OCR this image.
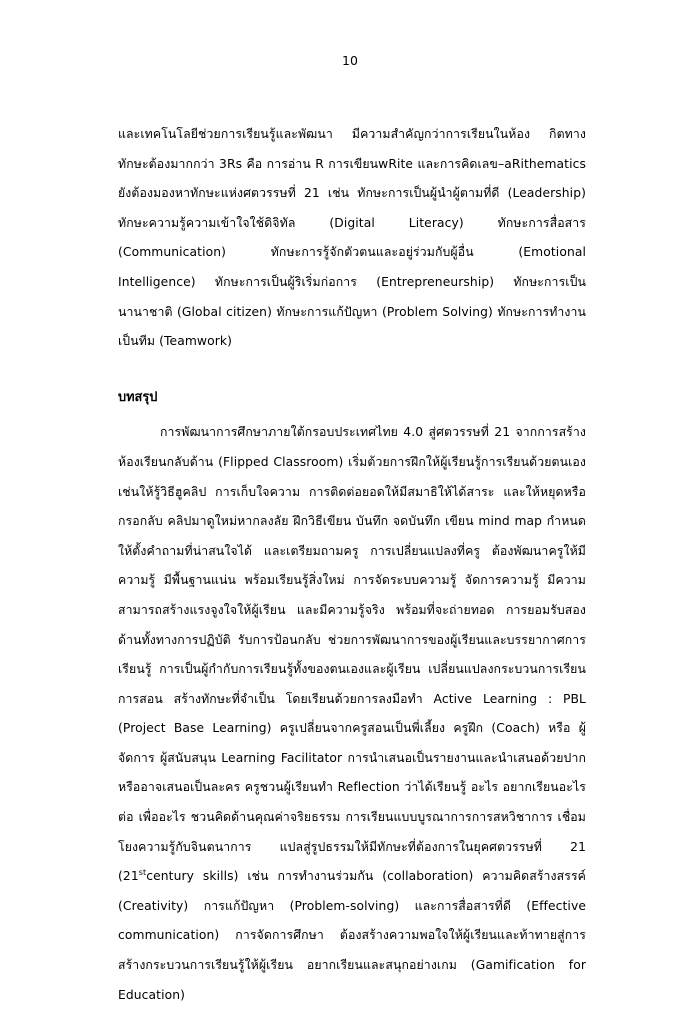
10

และเทคโนโลยีช่วยการเรียนรู้และพัฒนา มีความสำคัญกว่าการเรียนในห้อง กิตทางทักษะต้องมากกว่า 3Rs คือ การอ่าน R การเขียนwRite และการคิดเลข–aRithematics ยังต้องมองหาทักษะแห่งศตวรรษที่ 21 เช่น ทักษะการเป็นผู้นำผู้ตามที่ดี (Leadership) ทักษะความรู้ความเข้าใจใช้ดิจิทัล (Digital Literacy) ทักษะการสื่อสาร (Communication) ทักษะการรู้จักตัวตนและอยู่ร่วมกับผู้อื่น (Emotional Intelligence) ทักษะการเป็นผู้ริเริ่มก่อการ (Entrepreneurship) ทักษะการเป็นนานาชาติ (Global citizen) ทักษะการแก้ปัญหา (Problem Solving) ทักษะการทำงานเป็นทีม (Teamwork)

บทสรุป

การพัฒนาการศึกษาภายใต้กรอบประเทศไทย 4.0 สู่ศตวรรษที่ 21 จากการสร้างห้องเรียนกลับด้าน (Flipped Classroom) เริ่มต้วยการฝึกให้ผู้เรียนรู้การเรียนด้วยตนเองเช่นให้รู้วิธีฮูคลิป การเก็บใจความ การติดต่อยอดให้มีสมาธิให้ได้สาระ และให้หยุดหรือกรอกลับ คลิปมาดูใหม่หากลงลัย ฝึกวิธีเขียน บันทึก จดบันทึก เขียน mind map กำหนดให้ตั้งคำถามที่น่าสนใจได้ และเตรียมถามครู การเปลี่ยนแปลงที่ครู ต้องพัฒนาครูให้มีความรู้ มีพื้นฐานแน่น พร้อมเรียนรู้สิ่งใหม่ การจัดระบบความรู้ จัดการความรู้ มีความสามารถสร้างแรงจูงใจให้ผู้เรียน และมีความรู้จริง พร้อมที่จะถ่ายทอด การยอมรับสองด้านทั้งทางการปฏิบัติ รับการป้อนกลับ ช่วยการพัฒนาการของผู้เรียนและบรรยากาศการเรียนรู้ การเป็นผู้กำกับการเรียนรู้ทั้งของตนเองและผู้เรียน เปลี่ยนแปลงกระบวนการเรียนการสอน สร้างทักษะที่จำเป็น โดยเรียนด้วยการลงมือทำ Active Learning : PBL (Project Base Learning) ครูเปลี่ยนจากครูสอนเป็นพี่เลี้ยง ครูฝึก (Coach) หรือ ผู้จัดการ ผู้สนับสนุน Learning Facilitator การนำเสนอเป็นรายงานและนำเสนอด้วยปาก หรืออาจเสนอเป็นละคร ครูชวนผู้เรียนทำ Reflection ว่าได้เรียนรู้ อะไร อยากเรียนอะไรต่อ เพื่ออะไร ชวนคิดด้านคุณค่าจริยธรรม การเรียนแบบบูรณาการการสหวิชาการ เชื่อมโยงความรู้กับจินตนาการ แปลสู่รูปธรรมให้มีทักษะที่ต้องการในยุคศตวรรษที่ 21 (21stcentury skills) เช่น การทำงานร่วมกัน (collaboration) ความคิดสร้างสรรค์ (Creativity) การแก้ปัญหา (Problem-solving) และการสื่อสารที่ดี (Effective communication) การจัดการศึกษา ต้องสร้างความพอใจให้ผู้เรียนและท้าทายสู่การสร้างกระบวนการเรียนรู้ให้ผู้เรียน อยากเรียนและสนุกอย่างเกม (Gamification for Education)
